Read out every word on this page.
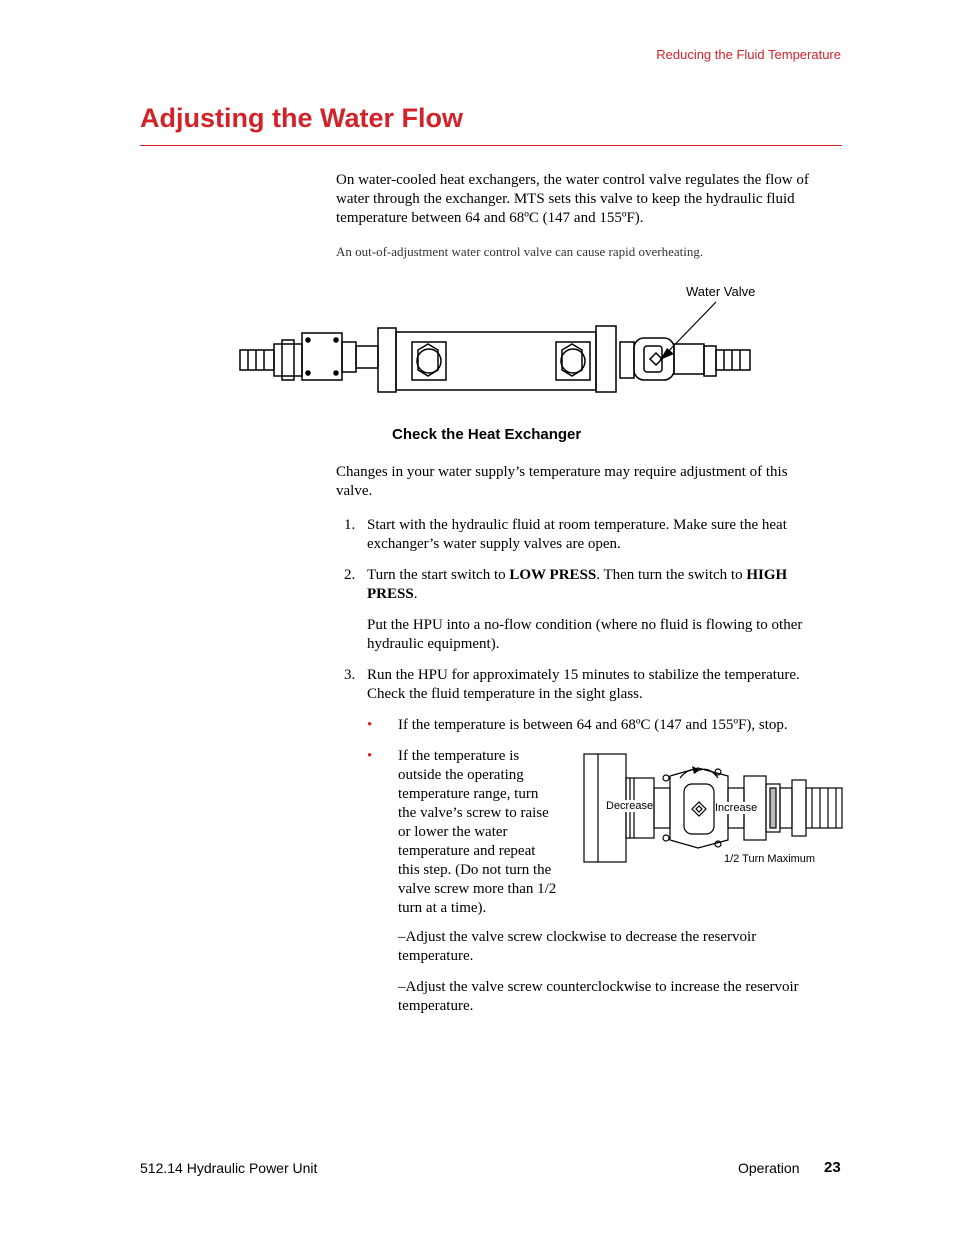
Reducing the Fluid Temperature
Adjusting the Water Flow
On water-cooled heat exchangers, the water control valve regulates the flow of
water through the exchanger. MTS sets this valve to keep the hydraulic fluid
temperature between 64 and 68ºC (147 and 155ºF).
An out-of-adjustment water control valve can cause rapid overheating.
Water Valve
Check the Heat Exchanger
Changes in your water supply’s temperature may require adjustment of this
valve.
1. Start with the hydraulic fluid at room temperature. Make sure the heat
exchanger’s water supply valves are open.
2. Turn the start switch to LOW PRESS. Then turn the switch to HIGH
PRESS.
Put the HPU into a no-flow condition (where no fluid is flowing to other
hydraulic equipment).
3. Run the HPU for approximately 15 minutes to stabilize the temperature.
Check the fluid temperature in the sight glass.
• If the temperature is between 64 and 68ºC (147 and 155ºF), stop.
• If the temperature is
outside the operating
temperature range, turn
the valve’s screw to raise
or lower the water
temperature and repeat
this step. (Do not turn the
valve screw more than 1/2
turn at a time).
Decrease	Increase
1/2 Turn Maximum
–Adjust the valve screw clockwise to decrease the reservoir
temperature.
–Adjust the valve screw counterclockwise to increase the reservoir
temperature.
512.14 Hydraulic Power Unit	Operation 23
